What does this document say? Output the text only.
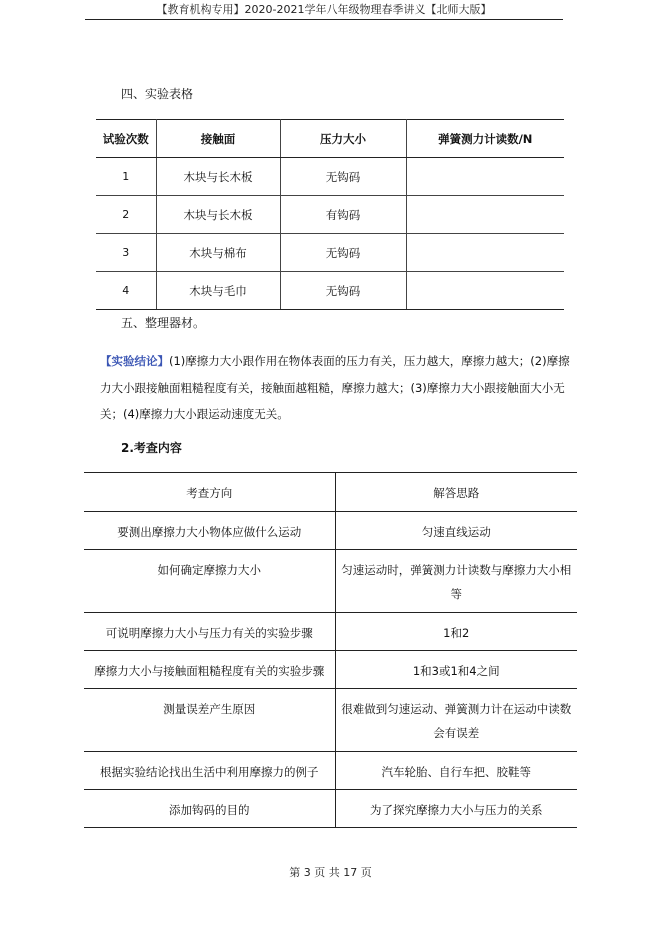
【教育机构专用】2020-2021学年八年级物理春季讲义【北师大版】
四、实验表格
试验次数	接触面	压力大小	弹簧测力计读数/N
1	木块与长木板	无钩码	
2	木块与长木板	有钩码	
3	木块与棉布	无钩码	
4	木块与毛巾	无钩码	
五、整理器材。
【实验结论】(1)摩擦力大小跟作用在物体表面的压力有关，压力越大，摩擦力越大；(2)摩擦力大小跟接触面粗糙程度有关，接触面越粗糙，摩擦力越大；(3)摩擦力大小跟接触面大小无关；(4)摩擦力大小跟运动速度无关。
2.考查内容
考查方向	解答思路
要测出摩擦力大小物体应做什么运动	匀速直线运动
如何确定摩擦力大小	匀速运动时，弹簧测力计读数与摩擦力大小相等
可说明摩擦力大小与压力有关的实验步骤	1和2
摩擦力大小与接触面粗糙程度有关的实验步骤	1和3或1和4之间
测量误差产生原因	很难做到匀速运动、弹簧测力计在运动中读数会有误差
根据实验结论找出生活中利用摩擦力的例子	汽车轮胎、自行车把、胶鞋等
添加钩码的目的	为了探究摩擦力大小与压力的关系
第 3 页 共 17 页
